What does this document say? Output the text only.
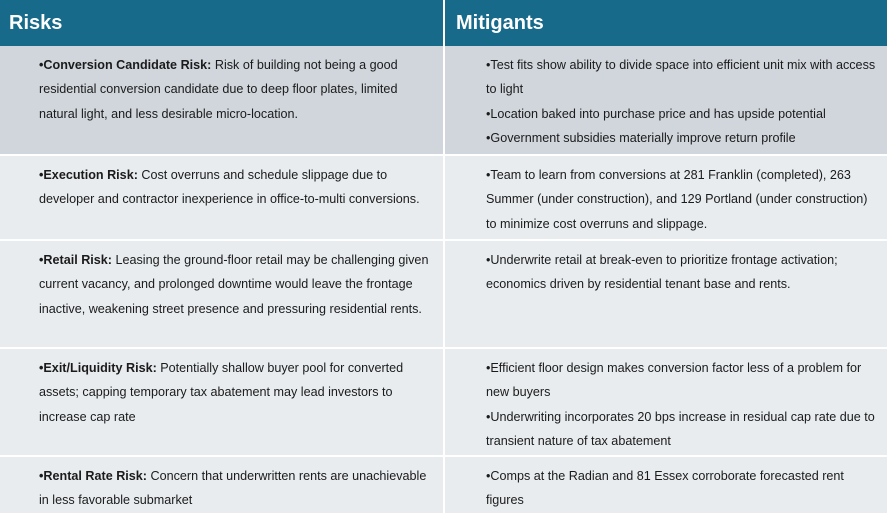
Risks	Mitigants
•Conversion Candidate Risk: Risk of building not being a good residential conversion candidate due to deep floor plates, limited natural light, and less desirable micro-location.
•Test fits show ability to divide space into efficient unit mix with access to light
•Location baked into purchase price and has upside potential
•Government subsidies materially improve return profile
•Execution Risk: Cost overruns and schedule slippage due to developer and contractor inexperience in office-to-multi conversions.
•Team to learn from conversions at 281 Franklin (completed), 263 Summer (under construction), and 129 Portland (under construction) to minimize cost overruns and slippage.
•Retail Risk: Leasing the ground-floor retail may be challenging given current vacancy, and prolonged downtime would leave the frontage inactive, weakening street presence and pressuring residential rents.
•Underwrite retail at break-even to prioritize frontage activation; economics driven by residential tenant base and rents.
•Exit/Liquidity Risk: Potentially shallow buyer pool for converted assets; capping temporary tax abatement may lead investors to increase cap rate
•Efficient floor design makes conversion factor less of a problem for new buyers
•Underwriting incorporates 20 bps increase in residual cap rate due to transient nature of tax abatement
•Rental Rate Risk: Concern that underwritten rents are unachievable in less favorable submarket
•Comps at the Radian and 81 Essex corroborate forecasted rent figures
